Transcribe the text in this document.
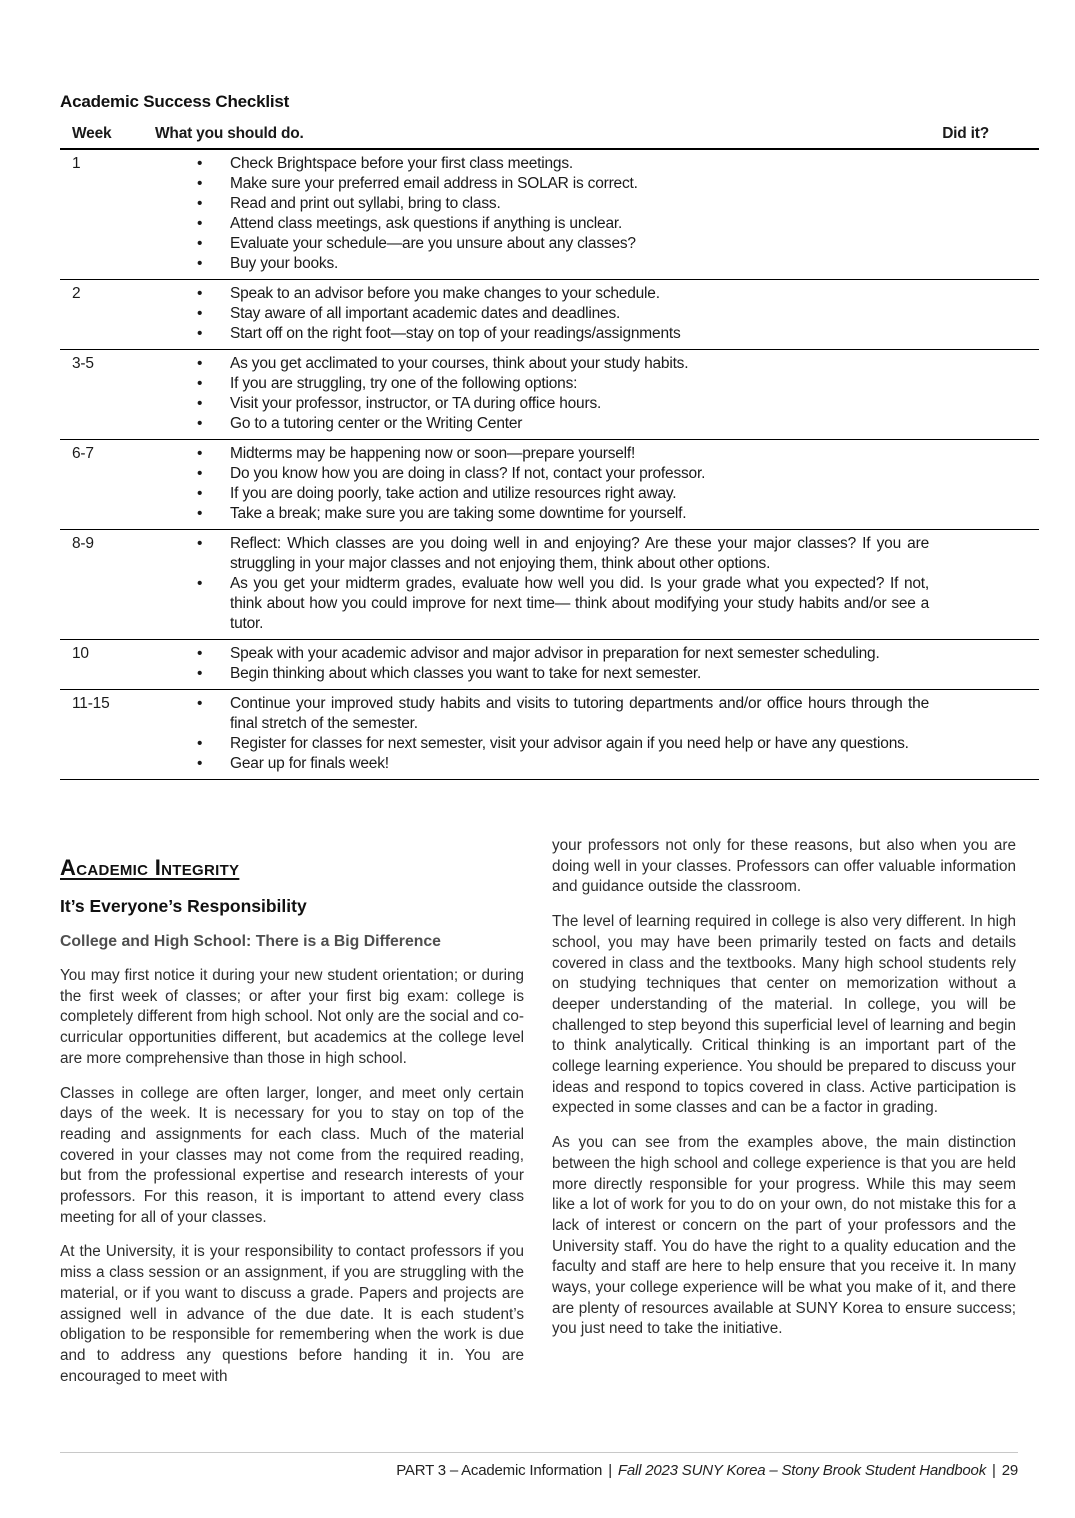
Academic Success Checklist
Week	What you should do.	Did it?
1	• Check Brightspace before your first class meetings.
• Make sure your preferred email address in SOLAR is correct.
• Read and print out syllabi, bring to class.
• Attend class meetings, ask questions if anything is unclear.
• Evaluate your schedule—are you unsure about any classes?
• Buy your books.
2	• Speak to an advisor before you make changes to your schedule.
• Stay aware of all important academic dates and deadlines.
• Start off on the right foot—stay on top of your readings/assignments
3-5	• As you get acclimated to your courses, think about your study habits.
• If you are struggling, try one of the following options:
• Visit your professor, instructor, or TA during office hours.
• Go to a tutoring center or the Writing Center
6-7	• Midterms may be happening now or soon—prepare yourself!
• Do you know how you are doing in class? If not, contact your professor.
• If you are doing poorly, take action and utilize resources right away.
• Take a break; make sure you are taking some downtime for yourself.
8-9	• Reflect: Which classes are you doing well in and enjoying? Are these your major classes? If you are struggling in your major classes and not enjoying them, think about other options.
• As you get your midterm grades, evaluate how well you did. Is your grade what you expected? If not, think about how you could improve for next time— think about modifying your study habits and/or see a tutor.
10	• Speak with your academic advisor and major advisor in preparation for next semester scheduling.
• Begin thinking about which classes you want to take for next semester.
11-15	• Continue your improved study habits and visits to tutoring departments and/or office hours through the final stretch of the semester.
• Register for classes for next semester, visit your advisor again if you need help or have any questions.
• Gear up for finals week!
Academic Integrity
It’s Everyone’s Responsibility
College and High School: There is a Big Difference

You may first notice it during your new student orientation; or during the first week of classes; or after your first big exam: college is completely different from high school. Not only are the social and co-curricular opportunities different, but academics at the college level are more comprehensive than those in high school.

Classes in college are often larger, longer, and meet only certain days of the week. It is necessary for you to stay on top of the reading and assignments for each class. Much of the material covered in your classes may not come from the required reading, but from the professional expertise and research interests of your professors. For this reason, it is important to attend every class meeting for all of your classes.

At the University, it is your responsibility to contact professors if you miss a class session or an assignment, if you are struggling with the material, or if you want to discuss a grade. Papers and projects are assigned well in advance of the due date. It is each student’s obligation to be responsible for remembering when the work is due and to address any questions before handing it in. You are encouraged to meet with

your professors not only for these reasons, but also when you are doing well in your classes. Professors can offer valuable information and guidance outside the classroom.

The level of learning required in college is also very different. In high school, you may have been primarily tested on facts and details covered in class and the textbooks. Many high school students rely on studying techniques that center on memorization without a deeper understanding of the material. In college, you will be challenged to step beyond this superficial level of learning and begin to think analytically. Critical thinking is an important part of the college learning experience. You should be prepared to discuss your ideas and respond to topics covered in class. Active participation is expected in some classes and can be a factor in grading.

As you can see from the examples above, the main distinction between the high school and college experience is that you are held more directly responsible for your progress. While this may seem like a lot of work for you to do on your own, do not mistake this for a lack of interest or concern on the part of your professors and the University staff. You do have the right to a quality education and the faculty and staff are here to help ensure that you receive it. In many ways, your college experience will be what you make of it, and there are plenty of resources available at SUNY Korea to ensure success; you just need to take the initiative.

PART 3 – Academic Information | Fall 2023 SUNY Korea – Stony Brook Student Handbook | 29
